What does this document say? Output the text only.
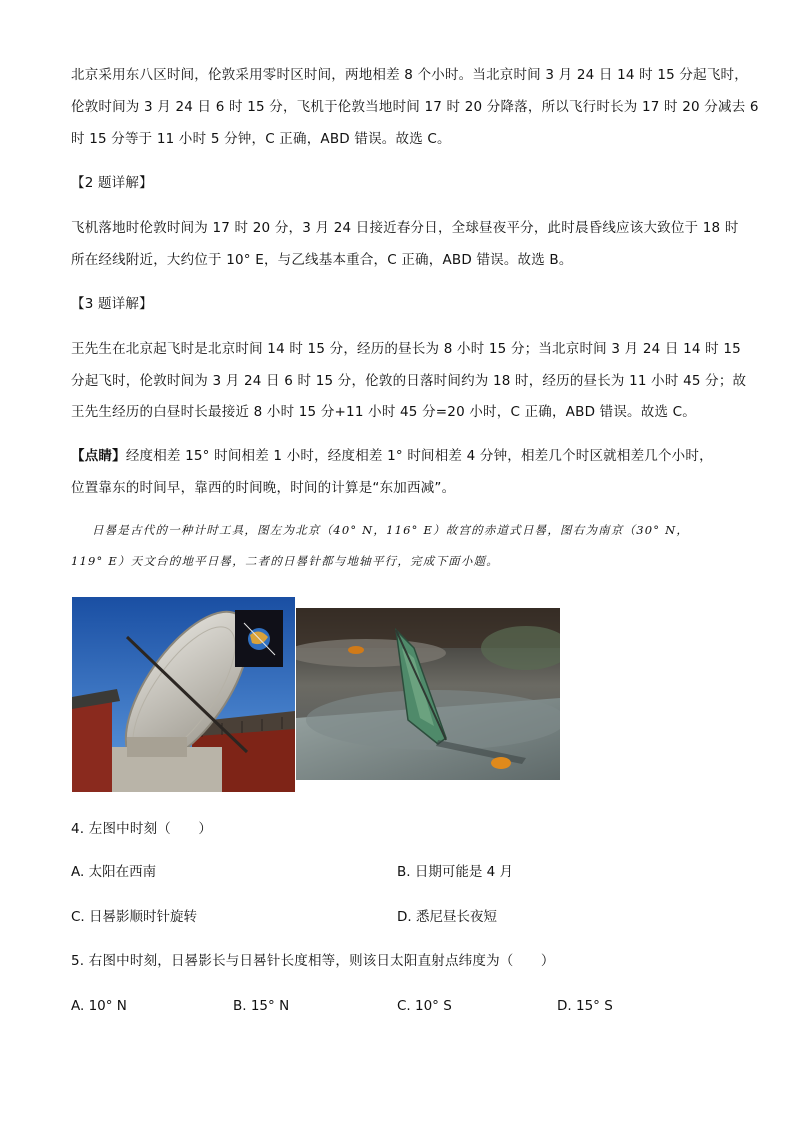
北京采用东八区时间，伦敦采用零时区时间，两地相差 8 个小时。当北京时间 3 月 24 日 14 时 15 分起飞时，
伦敦时间为 3 月 24 日 6 时 15 分，飞机于伦敦当地时间 17 时 20 分降落，所以飞行时长为 17 时 20 分减去 6
时 15 分等于 11 小时 5 分钟，C 正确，ABD 错误。故选 C。
【2 题详解】
飞机落地时伦敦时间为 17 时 20 分，3 月 24 日接近春分日，全球昼夜平分，此时晨昏线应该大致位于 18 时
所在经线附近，大约位于 10° E，与乙线基本重合，C 正确，ABD 错误。故选 B。
【3 题详解】
王先生在北京起飞时是北京时间 14 时 15 分，经历的昼长为 8 小时 15 分；当北京时间 3 月 24 日 14 时 15
分起飞时，伦敦时间为 3 月 24 日 6 时 15 分，伦敦的日落时间约为 18 时，经历的昼长为 11 小时 45 分；故
王先生经历的白昼时长最接近 8 小时 15 分+11 小时 45 分=20 小时，C 正确，ABD 错误。故选 C。
【点睛】经度相差 15° 时间相差 1 小时，经度相差 1° 时间相差 4 分钟，相差几个时区就相差几个小时，
位置靠东的时间早，靠西的时间晚，时间的计算是“东加西减”。
日晷是古代的一种计时工具，图左为北京（40° N，116° E）故宫的赤道式日晷，图右为南京（30° N，
119° E）天文台的地平日晷，二者的日晷针都与地轴平行，完成下面小题。
4. 左图中时刻（　　）
A. 太阳在西南	B. 日期可能是 4 月
C. 日晷影顺时针旋转	D. 悉尼昼长夜短
5. 右图中时刻，日晷影长与日晷针长度相等，则该日太阳直射点纬度为（　　）
A. 10° N	B. 15° N	C. 10° S	D. 15° S
